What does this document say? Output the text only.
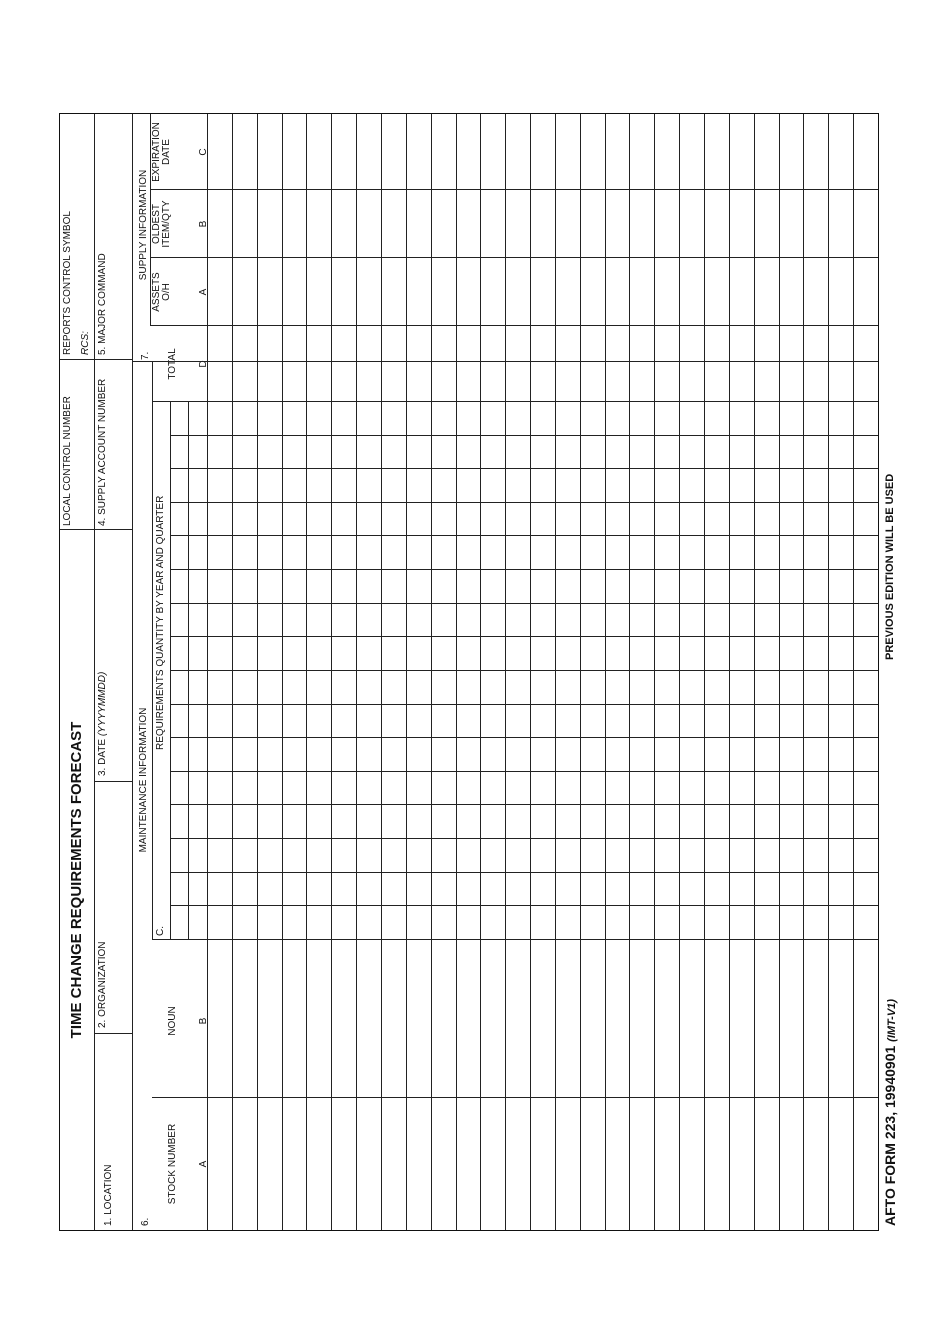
TIME CHANGE REQUIREMENTS FORECAST
LOCAL CONTROL NUMBER
REPORTS CONTROL SYMBOL RCS:
1. LOCATION
2. ORGANIZATION
3. DATE (YYYYMMDD)
4. SUPPLY ACCOUNT NUMBER
5. MAJOR COMMAND
6.
MAINTENANCE INFORMATION
7.
SUPPLY INFORMATION
STOCK NUMBER A
NOUN B
C.
REQUIREMENTS QUANTITY BY YEAR AND QUARTER
TOTAL D
ASSETS
O/H	A
OLDEST
ITEM/QTY	B
EXPIRATION
DATE	C
AFTO FORM 223, 19940901 (IMT-V1)
PREVIOUS EDITION WILL BE USED
